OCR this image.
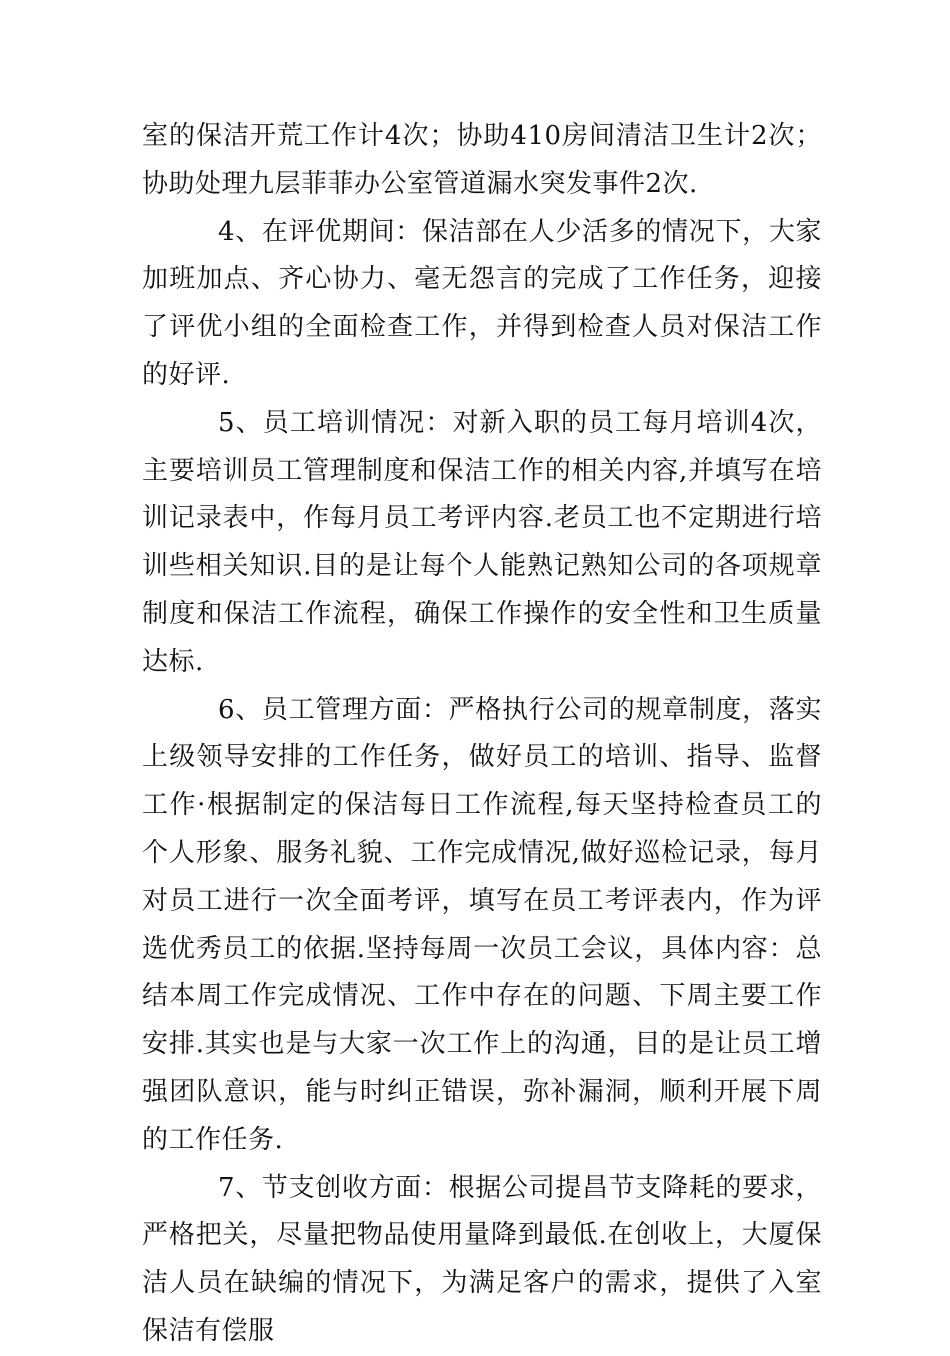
室的保洁开荒工作计4次；协助410房间清洁卫生计2次；协助处理九层菲菲办公室管道漏水突发事件2次.

4、在评优期间：保洁部在人少活多的情况下，大家加班加点、齐心协力、毫无怨言的完成了工作任务，迎接了评优小组的全面检查工作，并得到检查人员对保洁工作的好评.

5、员工培训情况：对新入职的员工每月培训4次，主要培训员工管理制度和保洁工作的相关内容,并填写在培训记录表中，作每月员工考评内容.老员工也不定期进行培训些相关知识.目的是让每个人能熟记熟知公司的各项规章制度和保洁工作流程，确保工作操作的安全性和卫生质量达标.

6、员工管理方面：严格执行公司的规章制度，落实上级领导安排的工作任务，做好员工的培训、指导、监督工作·根据制定的保洁每日工作流程,每天坚持检查员工的个人形象、服务礼貌、工作完成情况,做好巡检记录，每月对员工进行一次全面考评，填写在员工考评表内，作为评选优秀员工的依据.坚持每周一次员工会议，具体内容：总结本周工作完成情况、工作中存在的问题、下周主要工作安排.其实也是与大家一次工作上的沟通，目的是让员工增强团队意识，能与时纠正错误，弥补漏洞，顺利开展下周的工作任务.

7、节支创收方面：根据公司提昌节支降耗的要求，严格把关，尽量把物品使用量降到最低.在创收上，大厦保洁人员在缺编的情况下，为满足客户的需求，提供了入室保洁有偿服
